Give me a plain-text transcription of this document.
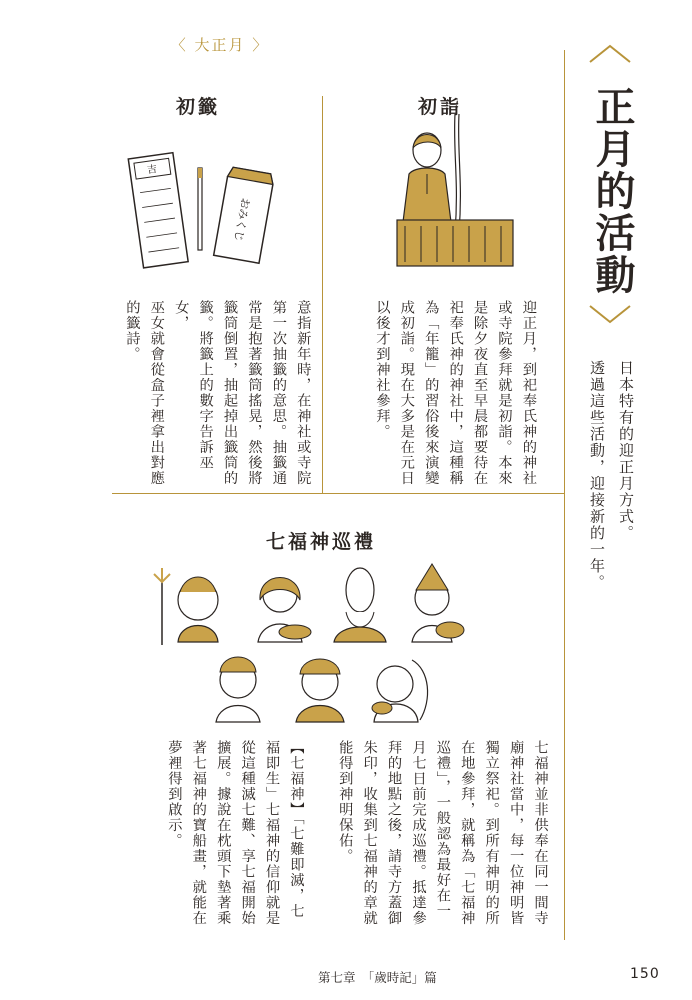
〈 大正月 〉
初籤	初詣
七福神巡禮
正月的活動
日本特有的迎正月方式。
透過這些活動，迎接新的一年。
意指新年時，在神社或寺院
第一次抽籤的意思。抽籤通
常是抱著籤筒搖晃，然後將
籤筒倒置，抽起掉出籤筒的
籤。將籤上的數字告訴巫女，
巫女就會從盒子裡拿出對應
的籤詩。	迎正月，到祀奉氏神的神社
或寺院參拜就是初詣。本來
是除夕夜直至早晨都要待在
祀奉氏神的神社中，這種稱
為「年籠」的習俗後來演變
成初詣。現在大多是在元日
以後才到神社參拜。
七福神並非供奉在同一間寺
廟神社當中，每一位神明皆
獨立祭祀。到所有神明的所
在地參拜，就稱為「七福神
巡禮」，一般認為最好在一
月七日前完成巡禮。抵達參
拜的地點之後，請寺方蓋御
朱印，收集到七福神的章就
能得到神明保佑。

【七福神】「七難即滅，七
福即生」七福神的信仰就是
從這種滅七難、享七福開始
擴展。據說在枕頭下墊著乘
著七福神的寶船畫，就能在
夢裡得到啟示。
吉
おみくじ
第七章　「歲時記」篇	150
